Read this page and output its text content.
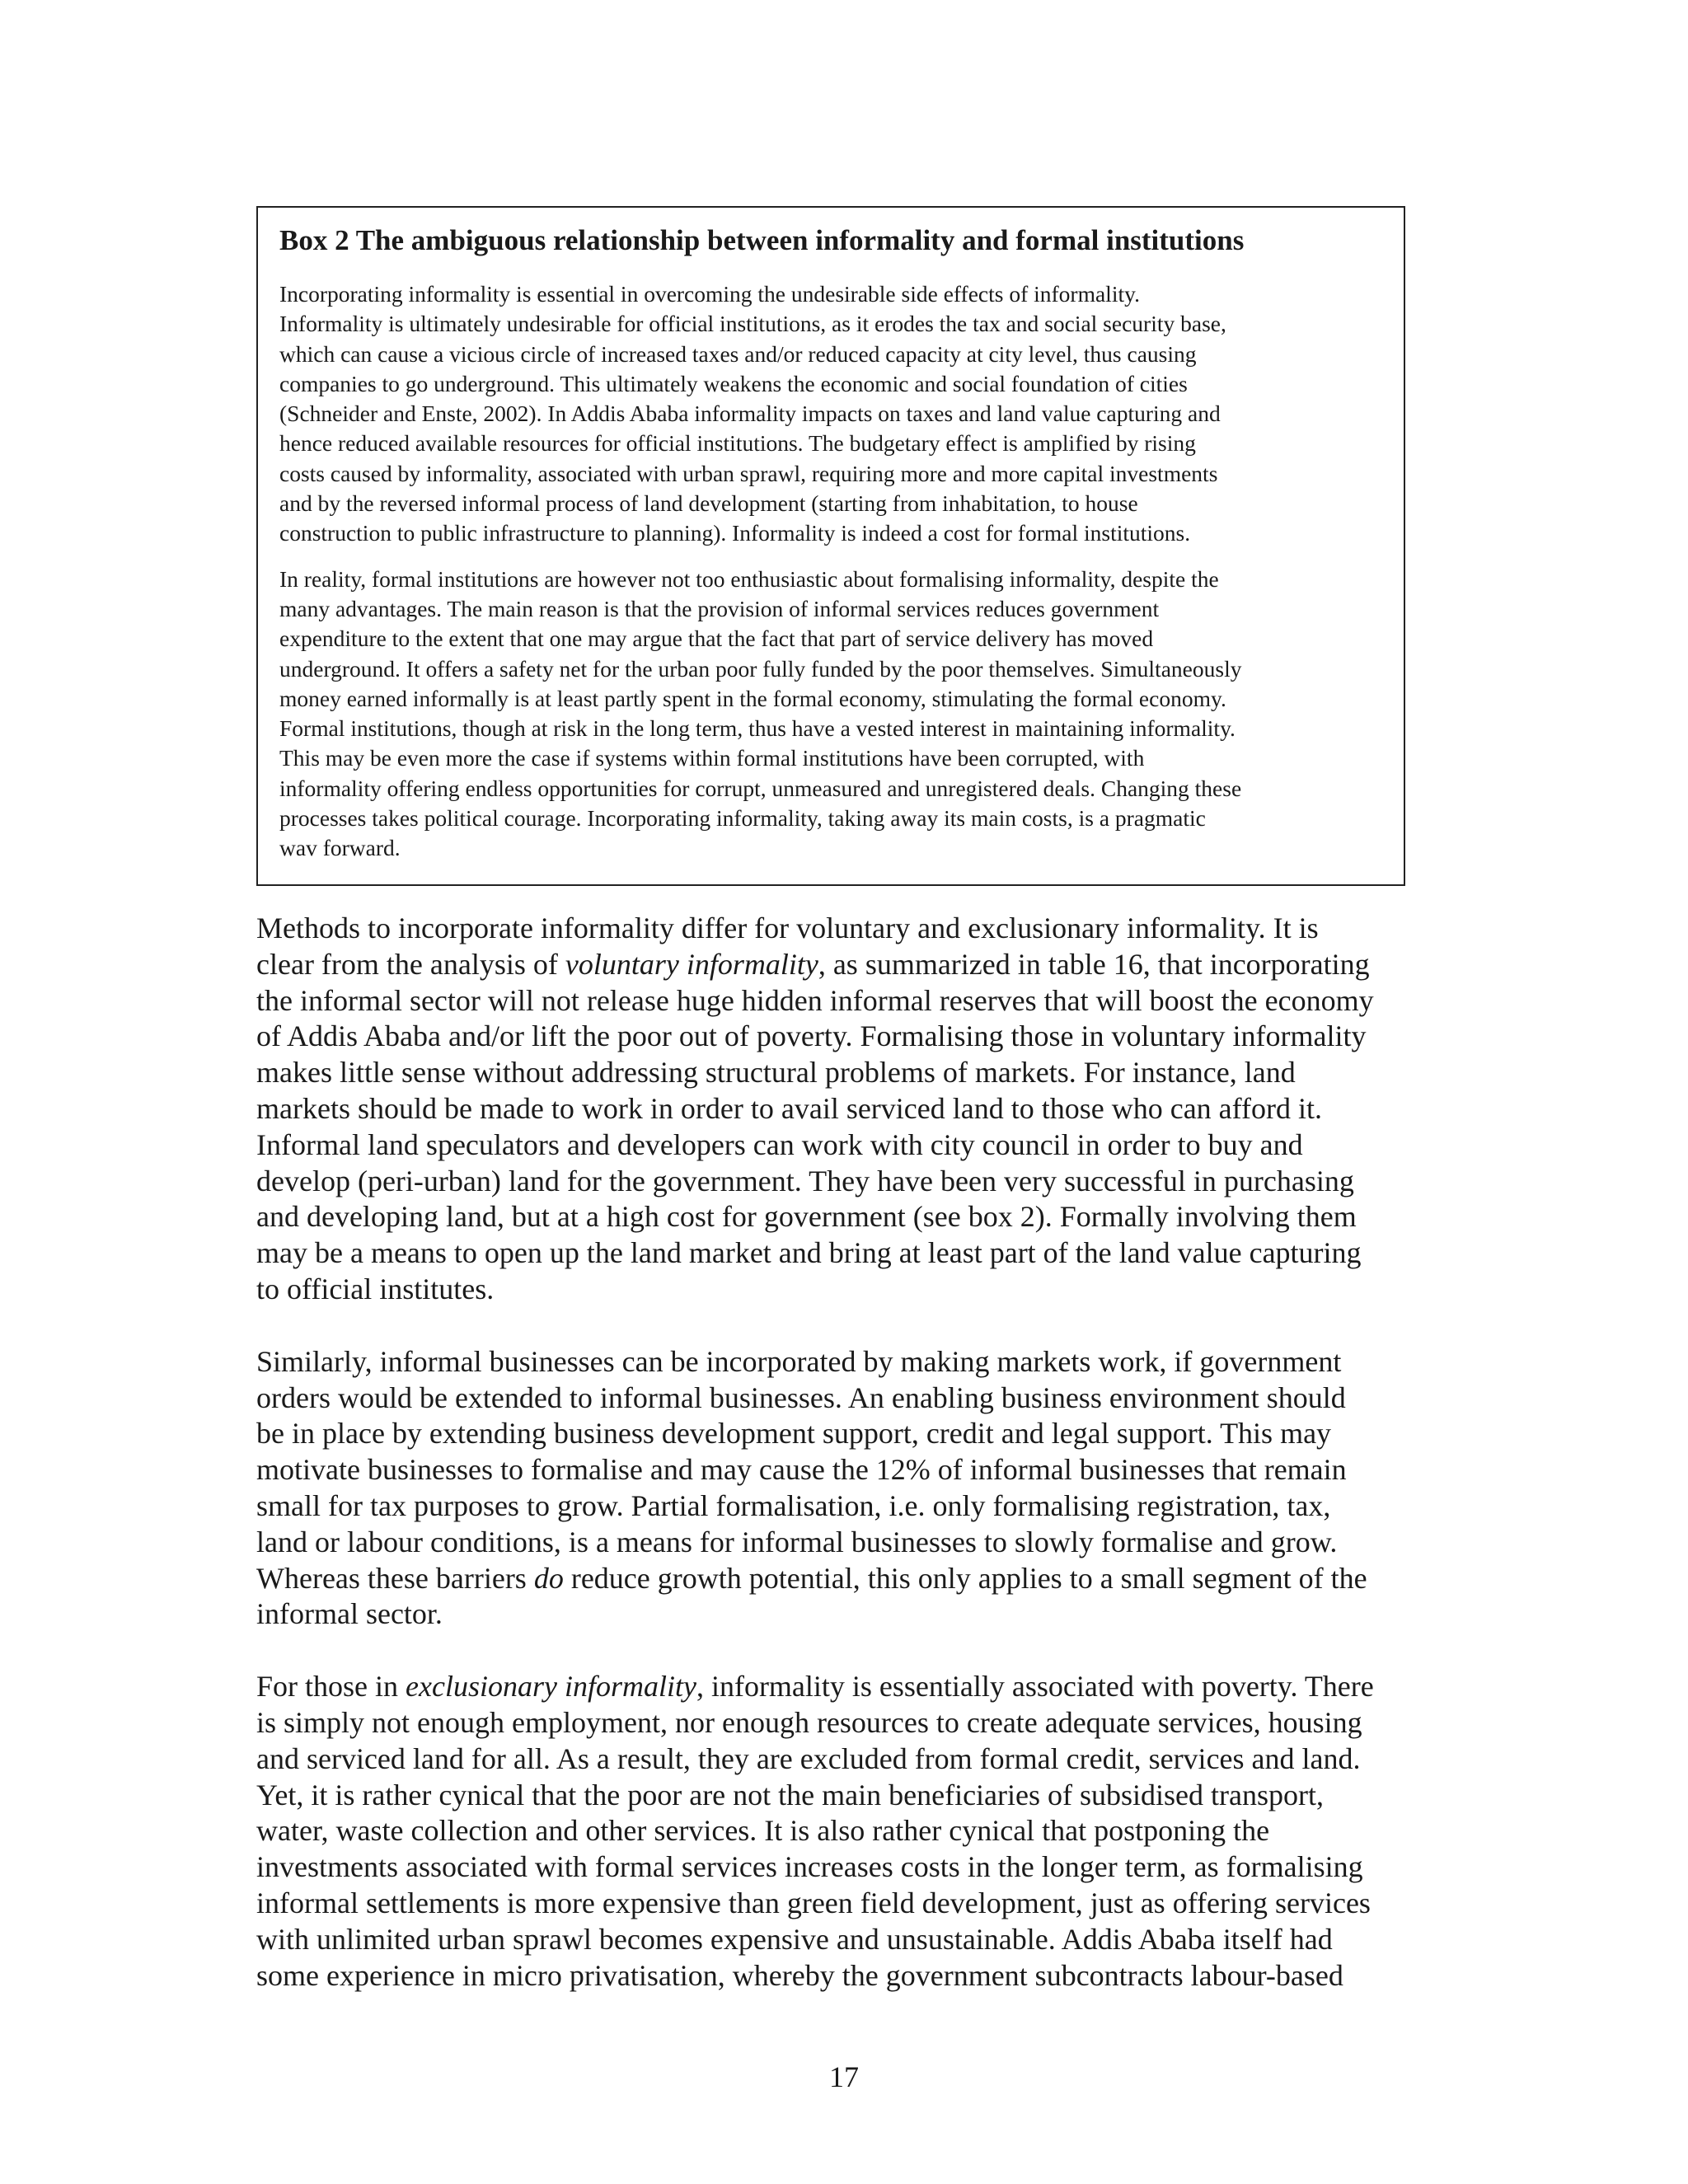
Box 2 The ambiguous relationship between informality and formal institutions

Incorporating informality is essential in overcoming the undesirable side effects of informality.
Informality is ultimately undesirable for official institutions, as it erodes the tax and social security base,
which can cause a vicious circle of increased taxes and/or reduced capacity at city level, thus causing
companies to go underground. This ultimately weakens the economic and social foundation of cities
(Schneider and Enste, 2002). In Addis Ababa informality impacts on taxes and land value capturing and
hence reduced available resources for official institutions. The budgetary effect is amplified by rising
costs caused by informality, associated with urban sprawl, requiring more and more capital investments
and by the reversed informal process of land development (starting from inhabitation, to house
construction to public infrastructure to planning). Informality is indeed a cost for formal institutions.

In reality, formal institutions are however not too enthusiastic about formalising informality, despite the
many advantages. The main reason is that the provision of informal services reduces government
expenditure to the extent that one may argue that the fact that part of service delivery has moved
underground. It offers a safety net for the urban poor fully funded by the poor themselves. Simultaneously
money earned informally is at least partly spent in the formal economy, stimulating the formal economy.
Formal institutions, though at risk in the long term, thus have a vested interest in maintaining informality.
This may be even more the case if systems within formal institutions have been corrupted, with
informality offering endless opportunities for corrupt, unmeasured and unregistered deals. Changing these
processes takes political courage. Incorporating informality, taking away its main costs, is a pragmatic
wav forward.

Methods to incorporate informality differ for voluntary and exclusionary informality. It is
clear from the analysis of voluntary informality, as summarized in table 16, that incorporating
the informal sector will not release huge hidden informal reserves that will boost the economy
of Addis Ababa and/or lift the poor out of poverty. Formalising those in voluntary informality
makes little sense without addressing structural problems of markets. For instance, land
markets should be made to work in order to avail serviced land to those who can afford it.
Informal land speculators and developers can work with city council in order to buy and
develop (peri-urban) land for the government. They have been very successful in purchasing
and developing land, but at a high cost for government (see box 2). Formally involving them
may be a means to open up the land market and bring at least part of the land value capturing
to official institutes.

Similarly, informal businesses can be incorporated by making markets work, if government
orders would be extended to informal businesses. An enabling business environment should
be in place by extending business development support, credit and legal support. This may
motivate businesses to formalise and may cause the 12% of informal businesses that remain
small for tax purposes to grow. Partial formalisation, i.e. only formalising registration, tax,
land or labour conditions, is a means for informal businesses to slowly formalise and grow.
Whereas these barriers do reduce growth potential, this only applies to a small segment of the
informal sector.

For those in exclusionary informality, informality is essentially associated with poverty. There
is simply not enough employment, nor enough resources to create adequate services, housing
and serviced land for all. As a result, they are excluded from formal credit, services and land.
Yet, it is rather cynical that the poor are not the main beneficiaries of subsidised transport,
water, waste collection and other services. It is also rather cynical that postponing the
investments associated with formal services increases costs in the longer term, as formalising
informal settlements is more expensive than green field development, just as offering services
with unlimited urban sprawl becomes expensive and unsustainable. Addis Ababa itself had
some experience in micro privatisation, whereby the government subcontracts labour-based

17
